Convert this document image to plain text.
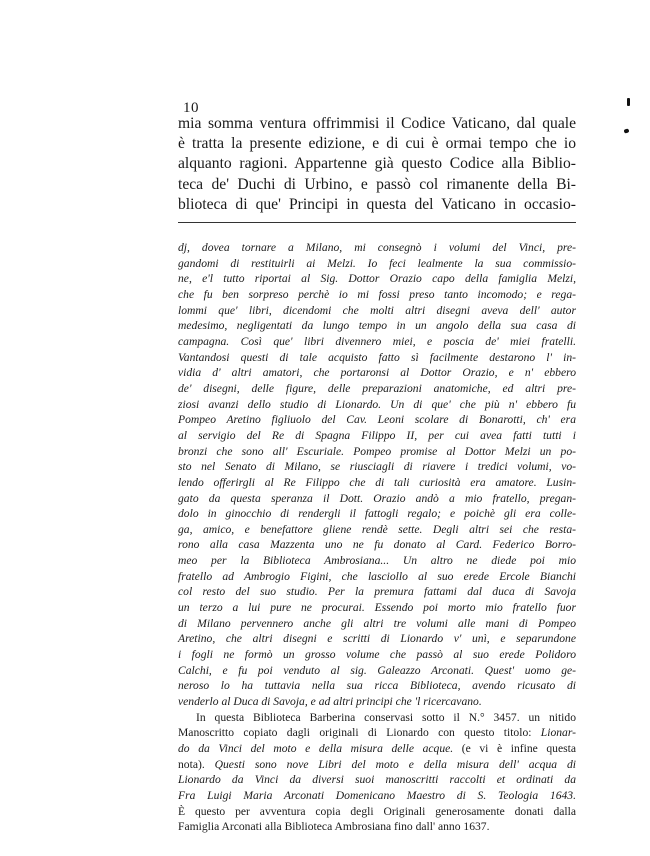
10
mia somma ventura offrimmisi il Codice Vaticano, dal quale
è tratta la presente edizione, e di cui è ormai tempo che io
alquanto ragioni. Appartenne già questo Codice alla Biblio-
teca de' Duchi di Urbino, e passò col rimanente della Bi-
blioteca di que' Principi in questa del Vaticano in occasio-
dj, dovea tornare a Milano, mi consegnò i volumi del Vinci, pre-
gandomi di restituirli ai Melzi. Io feci lealmente la sua commissio-
ne, e'l tutto riportai al Sig. Dottor Orazio capo della famiglia Melzi,
che fu ben sorpreso perchè io mi fossi preso tanto incomodo; e rega-
lommi que' libri, dicendomi che molti altri disegni aveva dell' autor
medesimo, negligentati da lungo tempo in un angolo della sua casa di
campagna. Così que' libri divennero miei, e poscia de' miei fratelli.
Vantandosi questi di tale acquisto fatto sì facilmente destarono l' in-
vidia d' altri amatori, che portaronsi al Dottor Orazio, e n' ebbero
de' disegni, delle figure, delle preparazioni anatomiche, ed altri pre-
ziosi avanzi dello studio di Lionardo. Un di que' che più n' ebbero fu
Pompeo Aretino figliuolo del Cav. Leoni scolare di Bonarotti, ch' era
al servigio del Re di Spagna Filippo II, per cui avea fatti tutti i
bronzi che sono all' Escuriale. Pompeo promise al Dottor Melzi un po-
sto nel Senato di Milano, se riusciagli di riavere i tredici volumi, vo-
lendo offerirgli al Re Filippo che di tali curiosità era amatore. Lusin-
gato da questa speranza il Dott. Orazio andò a mio fratello, pregan-
dolo in ginocchio di rendergli il fattogli regalo; e poichè gli era colle-
ga, amico, e benefattore gliene rendè sette. Degli altri sei che resta-
rono alla casa Mazzenta uno ne fu donato al Card. Federico Borro-
meo per la Biblioteca Ambrosiana... Un altro ne diede poi mio
fratello ad Ambrogio Figini, che lasciollo al suo erede Ercole Bianchi
col resto del suo studio. Per la premura fattami dal duca di Savoja
un terzo a lui pure ne procurai. Essendo poi morto mio fratello fuor
di Milano pervennero anche gli altri tre volumi alle mani di Pompeo
Aretino, che altri disegni e scritti di Lionardo v' unì, e separundone
i fogli ne formò un grosso volume che passò al suo erede Polidoro
Calchi, e fu poi venduto al sig. Galeazzo Arconati. Quest' uomo ge-
neroso lo ha tuttavia nella sua ricca Biblioteca, avendo ricusato di
venderlo al Duca di Savoja, e ad altri principi che 'l ricercavano.
In questa Biblioteca Barberina conservasi sotto il N.° 3457. un nitido
Manoscritto copiato dagli originali di Lionardo con questo titolo: Lionar-
do da Vinci del moto e della misura delle acque. (e vi è infine questa
nota). Questi sono nove Libri del moto e della misura dell' acqua di
Lionardo da Vinci da diversi suoi manoscritti raccolti et ordinati da
Fra Luigi Maria Arconati Domenicano Maestro di S. Teologia 1643.
È questo per avventura copia degli Originali generosamente donati dalla
Famiglia Arconati alla Biblioteca Ambrosiana fino dall' anno 1637.
